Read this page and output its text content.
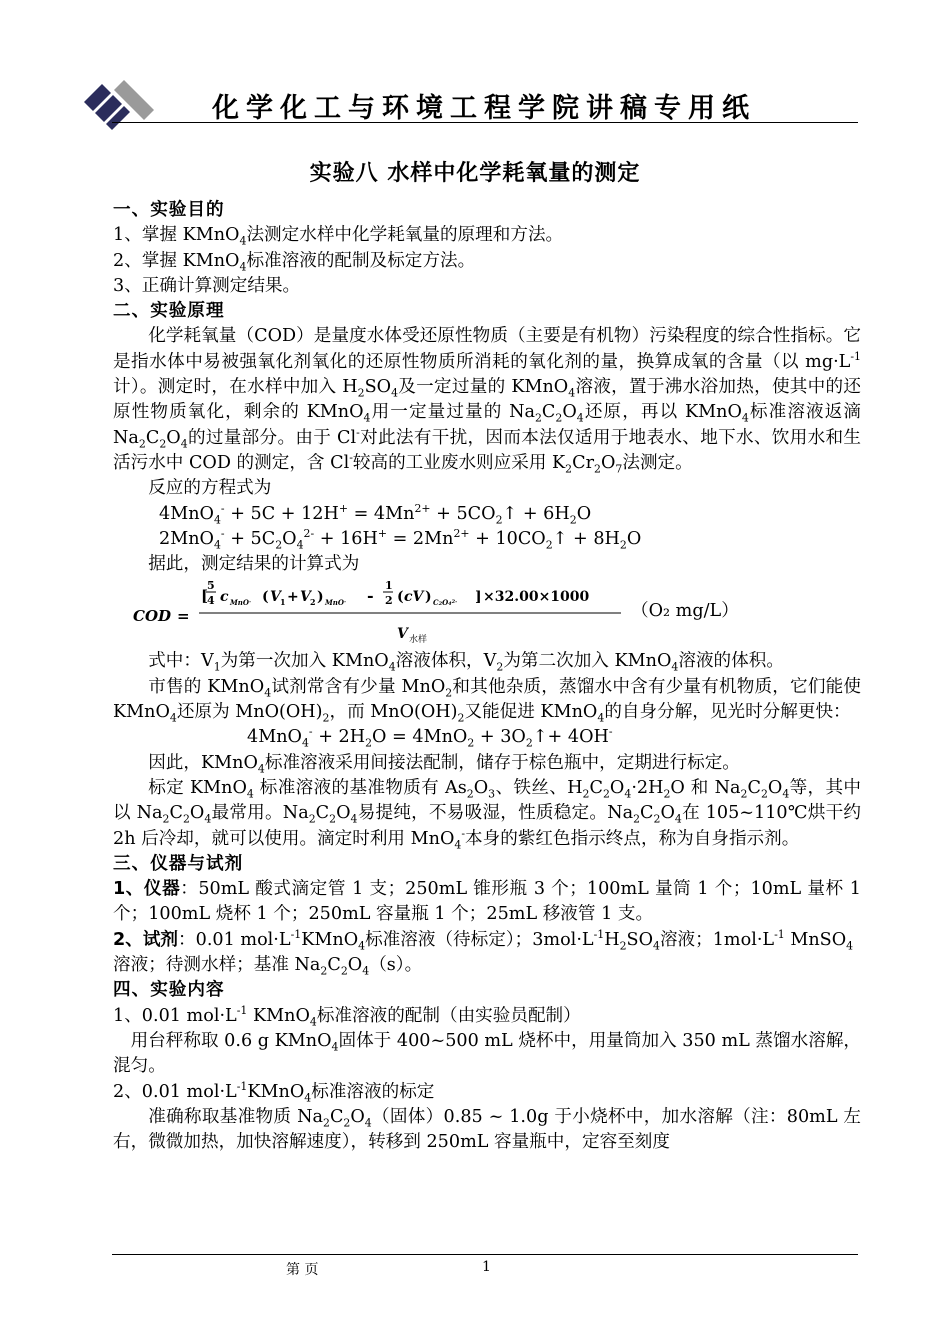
化学化工与环境工程学院讲稿专用纸
实验八 水样中化学耗氧量的测定

一、实验目的

1、掌握 KMnO$_4$法测定水样中化学耗氧量的原理和方法。

2、掌握 KMnO$_4$标准溶液的配制及标定方法。

3、正确计算测定结果。

二、实验原理

化学耗氧量（COD）是量度水体受还原性物质（主要是有机物）污染程度的综合性指标。它是指水体中易被强氧化剂氧化的还原性物质所消耗的氧化剂的量，换算成氧的含量（以 $mg\cdot L^{-1}$计）。测定时，在水样中加入 $H_2SO_4$及一定过量的 KMnO$_4$溶液，置于沸水浴加热，使其中的还原性物质氧化，剩余的 KMnO$_4$用一定量过量的 $Na_2C_2O_4$还原，再以 KMnO$_4$标准溶液返滴 $Na_2C_2O_4$的过量部分。由于 Cl-对此法有干扰，因而本法仅适用于地表水、地下水、饮用水和生活污水中 COD 的测定，含 Cl-较高的工业废水则应采用 $K_2Cr_2O_7$法测定。

反应的方程式为

$4MnO_4^- + 5C + 12H^+ = 4Mn^{2+}$ + $5CO_2↑ + 6H_2O$

$2MnO_4^- + 5C_2O_4^{2-} + 16H^+ = 2Mn^{2+}$ + $10CO_2↑ + 8H_2O$

据此，测定结果的计算式为

COD =
[
5
4 c MnO- ( V 1 + V 2 ) MnO- -
1
2 ( cV ) $C2O4^{2-}$ ] ×32.00×1000
V 水样
（O₂ mg/L）

式中：$V_1$为第一次加入 KMnO$_4$溶液体积，$V_2$为第二次加入 KMnO$_4$溶液的体积。

市售的 KMnO$_4$试剂常含有少量 MnO$_2$和其他杂质，蒸馏水中含有少量有机物质，它们能使 KMnO$_4$还原为 $MnO(OH)_2$，而 $MnO(OH)_2$又能促进 KMnO$_4$的自身分解，见光时分解更快：

$4MnO_4^- + 2H_2O = 4MnO_2$ + $3O_2↑+ 4OH^-$

因此，KMnO$_4$标准溶液采用间接法配制，储存于棕色瓶中，定期进行标定。

标定 KMnO$_4$ 标准溶液的基准物质有 $As_2O_3$、铁丝、$H_2C_2O_4\cdot 2H_2O$ 和 $Na_2C_2O_4$等，其中以 $Na_2C_2O_4$最常用。$Na_2C_2O_4$易提纯，不易吸湿，性质稳定。$Na_2C_2O_4$在 105~110℃烘干约 2h 后冷却，就可以使用。滴定时利用 MnO$_4$-本身的紫红色指示终点，称为自身指示剂。

三、仪器与试剂

1、仪器：50mL 酸式滴定管 1 支；250mL 锥形瓶 3 个；100mL 量筒 1 个；10mL 量杯 1 个；100mL 烧杯 1 个；250mL 容量瓶 1 个；25mL 移液管 1 支。

2、试剂：0.01 $mol\cdot L^{-1}KMnO_4$标准溶液（待标定）；$3mol\cdot L^{-1}H_2SO_4$溶液；$1mol\cdot L^{-1}$ MnSO$_4$溶液；待测水样；基准 $Na_2C_2O_4(s)$。

四、实验内容

1、0.01 $mol\cdot L^{-1}$ KMnO$_4$标准溶液的配制（由实验员配制）

用台秤称取 0.6 g KMnO$_4$固体于 400~500 mL 烧杯中，用量筒加入 350 mL 蒸馏水溶解，混匀。

2、0.01 $mol\cdot L^{-1}KMnO_4$标准溶液的标定

准确称取基准物质 $Na_2C_2O_4$（固体）0.85 ~ 1.0g 于小烧杯中，加水溶解（注：80mL 左右，微微加热，加快溶解速度），转移到 250mL 容量瓶中，定容至刻度

第 页	1
